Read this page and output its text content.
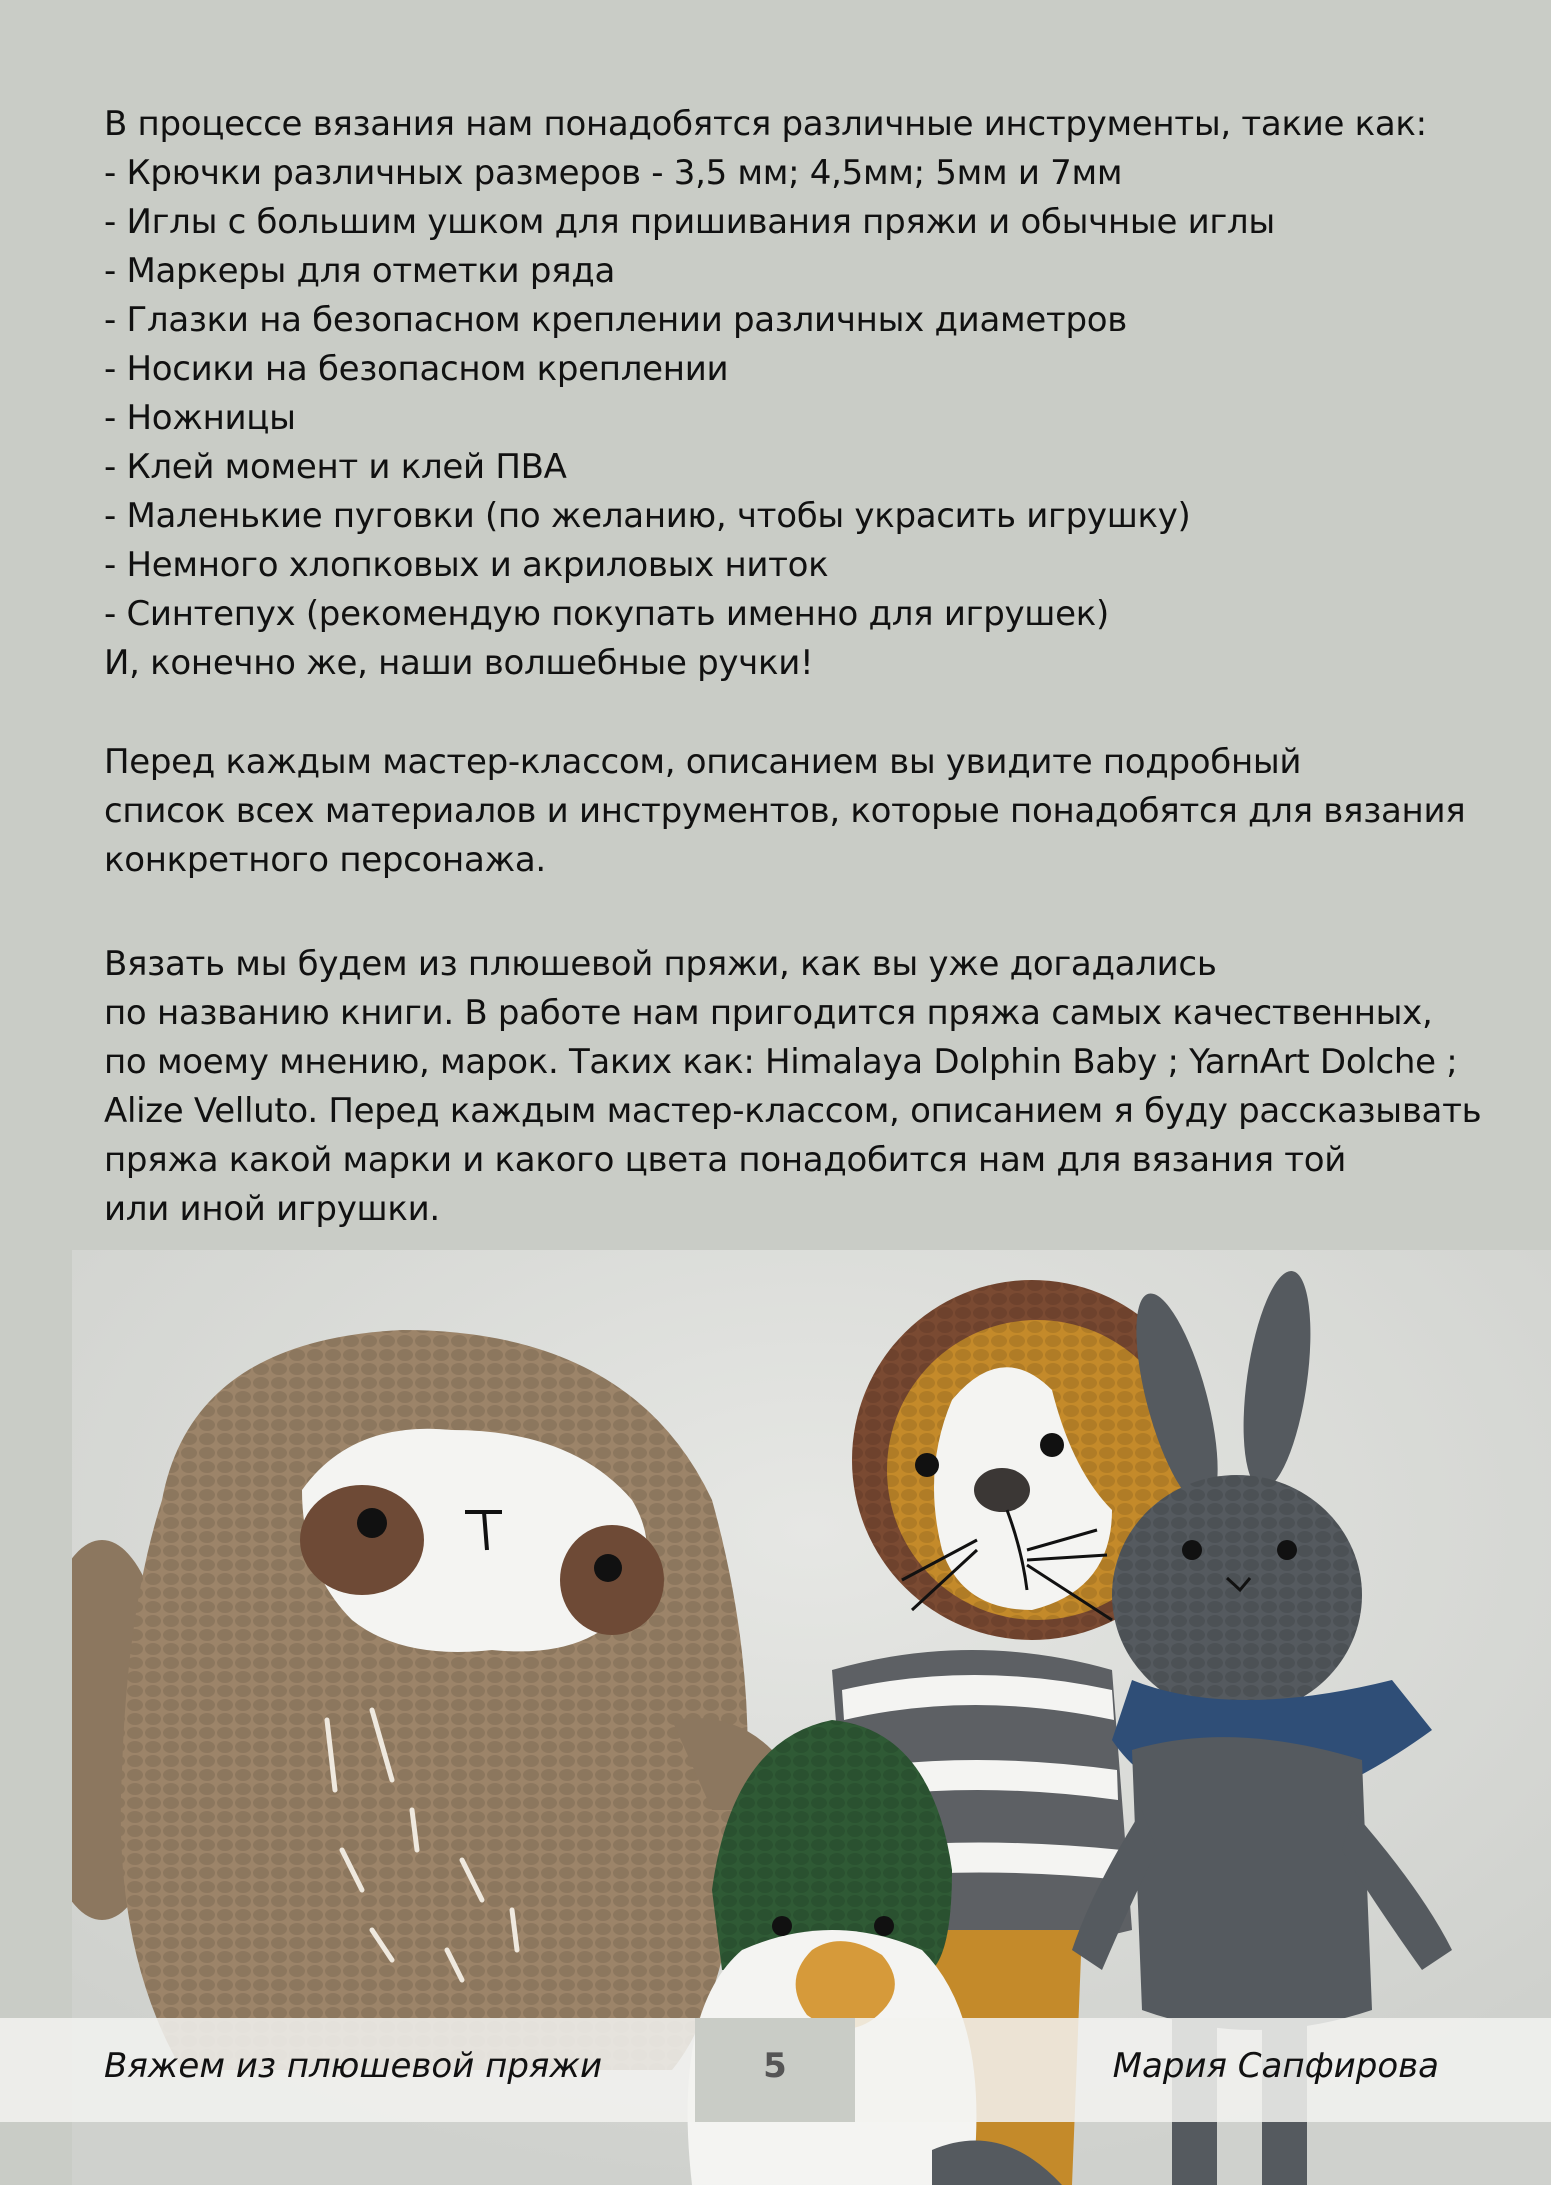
В процессе вязания нам понадобятся различные инструменты, такие как:

- Крючки различных размеров - 3,5 мм; 4,5мм; 5мм и 7мм

- Иглы с большим ушком для пришивания пряжи и обычные иглы

- Маркеры для отметки ряда

- Глазки на безопасном креплении различных диаметров

- Носики на безопасном креплении

- Ножницы

- Клей момент и клей ПВА

- Маленькие пуговки (по желанию, чтобы украсить игрушку)

- Немного хлопковых и акриловых ниток

- Синтепух (рекомендую покупать именно для игрушек)

И, конечно же, наши волшебные ручки!

Перед каждым мастер-классом, описанием вы увидите подробный

список всех материалов и инструментов, которые понадобятся для вязания

конкретного персонажа.

Вязать мы будем из плюшевой пряжи, как вы уже догадались

по названию книги. В работе нам пригодится пряжа самых качественных,

по моему мнению, марок. Таких как: Himalaya Dolphin Baby ; YarnArt Dolche ;

Alize Velluto. Перед каждым мастер-классом, описанием я буду рассказывать

пряжа какой марки и какого цвета понадобится нам для вязания той

или иной игрушки.

Вяжем из плюшевой пряжи	5	Мария Сапфирова
